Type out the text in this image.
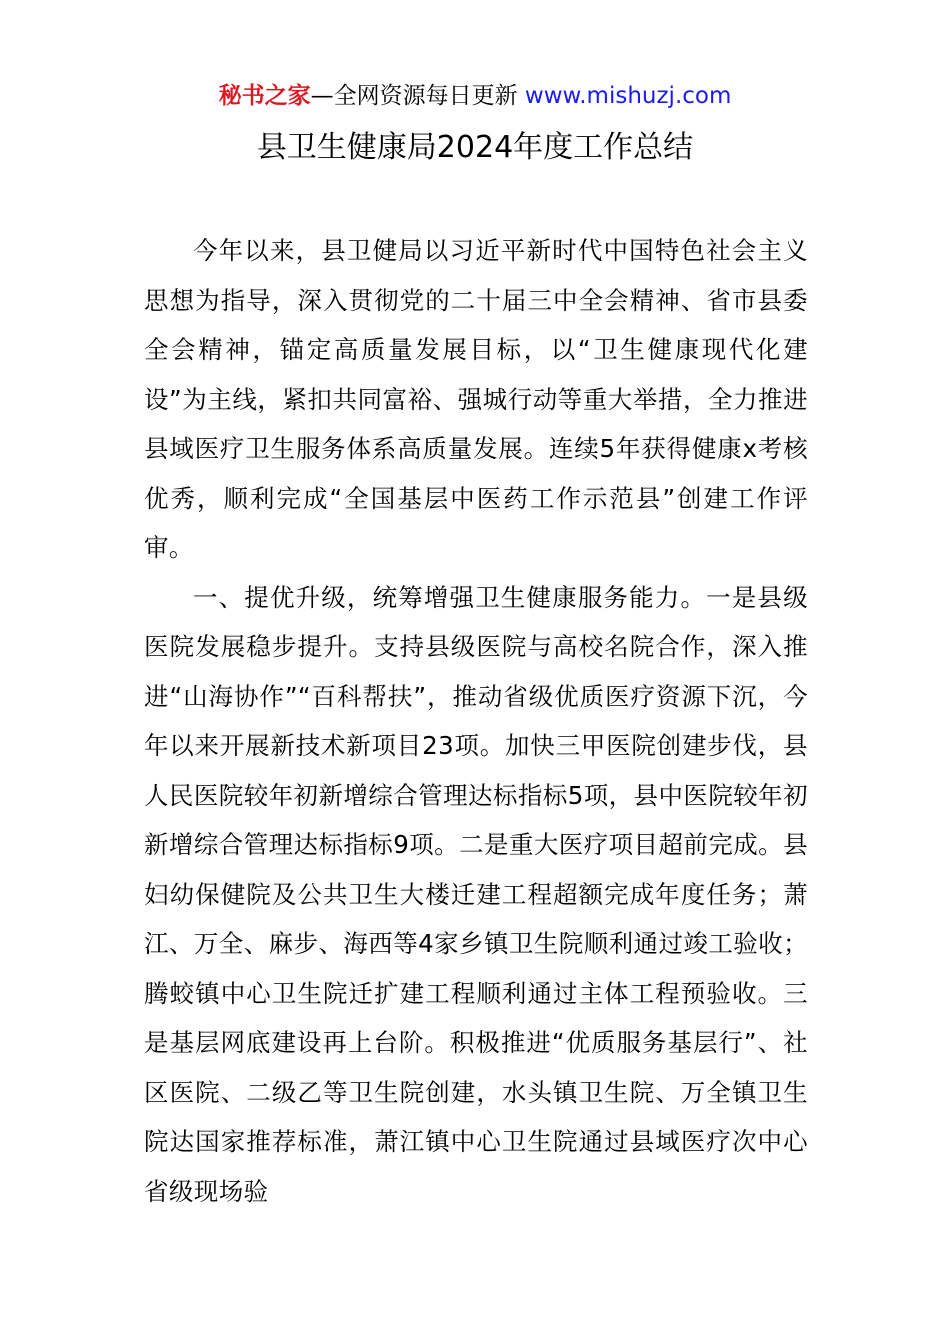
秘书之家—全网资源每日更新 www.mishuzj.com
县卫生健康局2024年度工作总结

今年以来，县卫健局以习近平新时代中国特色社会主义思想为指导，深入贯彻党的二十届三中全会精神、省市县委全会精神，锚定高质量发展目标，以“卫生健康现代化建设”为主线，紧扣共同富裕、强城行动等重大举措，全力推进县域医疗卫生服务体系高质量发展。连续5年获得健康x考核优秀，顺利完成“全国基层中医药工作示范县”创建工作评审。

一、提优升级，统筹增强卫生健康服务能力。一是县级医院发展稳步提升。支持县级医院与高校名院合作，深入推进“山海协作”“百科帮扶”，推动省级优质医疗资源下沉，今年以来开展新技术新项目23项。加快三甲医院创建步伐，县人民医院较年初新增综合管理达标指标5项，县中医院较年初新增综合管理达标指标9项。二是重大医疗项目超前完成。县妇幼保健院及公共卫生大楼迁建工程超额完成年度任务；萧江、万全、麻步、海西等4家乡镇卫生院顺利通过竣工验收；腾蛟镇中心卫生院迁扩建工程顺利通过主体工程预验收。三是基层网底建设再上台阶。积极推进“优质服务基层行”、社区医院、二级乙等卫生院创建，水头镇卫生院、万全镇卫生院达国家推荐标准，萧江镇中心卫生院通过县域医疗次中心省级现场验
